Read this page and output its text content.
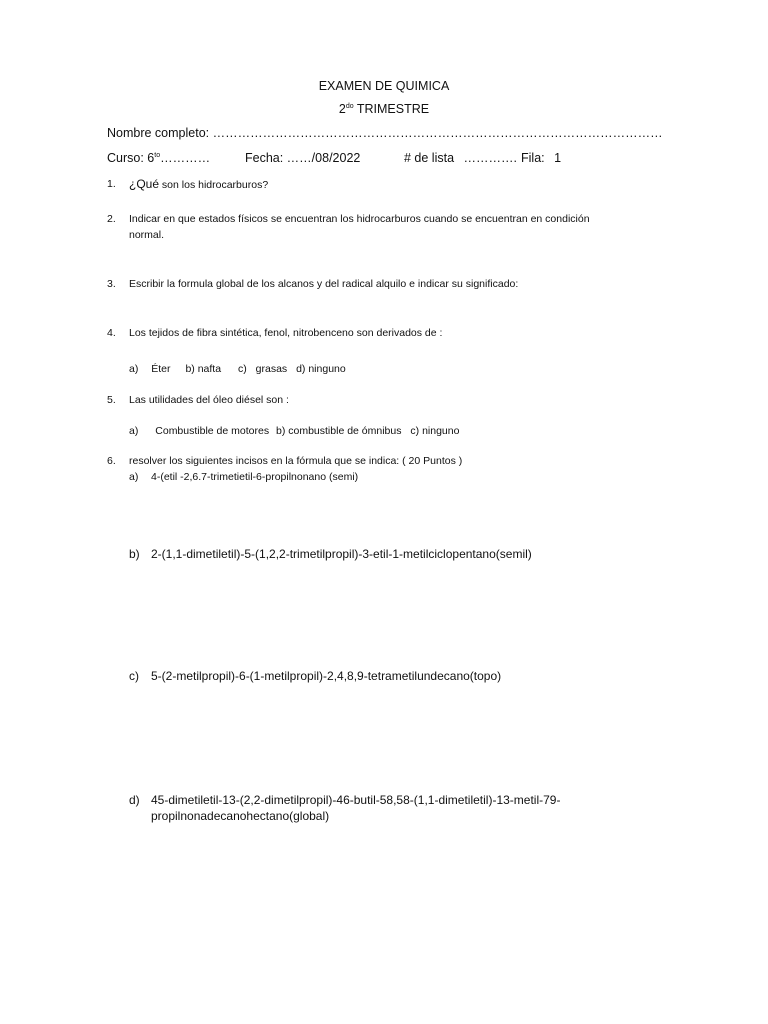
EXAMEN DE QUIMICA
$2^{do}$ TRIMESTRE
Nombre completo: ………………………………………………………………………………………………
Curso: $6^{to}\dots\dots\dots\dots$	Fecha: ……/08/2022	# de lista …………. Fila: 1
1. ¿Qué son los hidrocarburos?
2. Indicar en que estados físicos se encuentran los hidrocarburos cuando se encuentran en condición
normal.
3. Escribir la formula global de los alcanos y del radical alquilo e indicar su significado:
4. Los tejidos de fibra sintética, fenol, nitrobenceno son derivados de :
a) Éter b) nafta c) grasas d) ninguno
5. Las utilidades del óleo diésel son :
a) Combustible de motores b) combustible de ómnibus c) ninguno
6. resolver los siguientes incisos en la fórmula que se indica: ( 20 Puntos )
a) 4-(etil -2,6.7-trimetietil-6-propilnonano (semi)
b) 2-(1,1-dimetiletil)-5-(1,2,2-trimetilpropil)-3-etil-1-metilciclopentano(semil)
c) 5-(2-metilpropil)-6-(1-metilpropil)-2,4,8,9-tetrametilundecano(topo)
d) 45-dimetiletil-13-(2,2-dimetilpropil)-46-butil-58,58-(1,1-dimetiletil)-13-metil-79-
propilnonadecanohectano(global)
